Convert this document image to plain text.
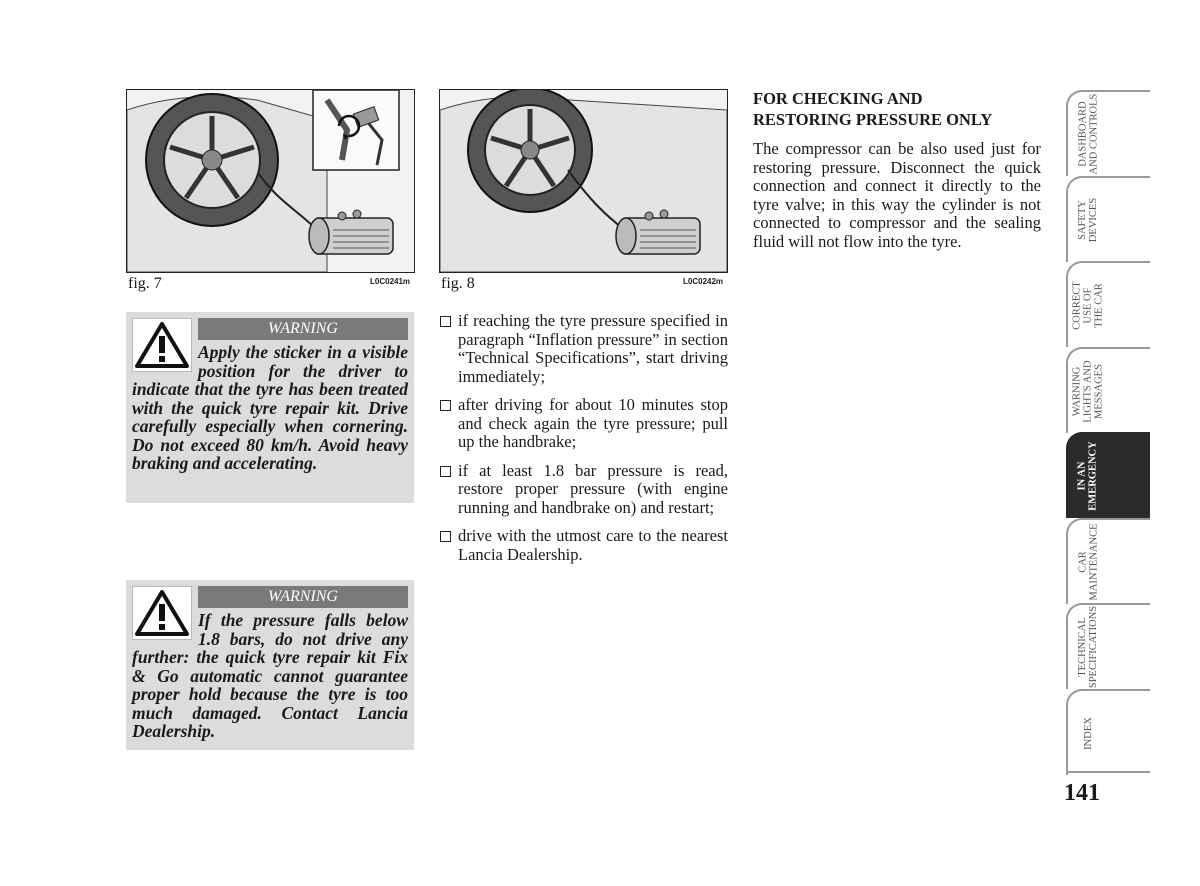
fig. 7	L0C0241m fig. 8	L0C0242m
WARNING
Apply the sticker in a visible position for the driver to indicate that the tyre has been treated with the quick tyre repair kit. Drive carefully especially when cornering. Do not exceed 80 km/h. Avoid heavy braking and accelerating.
WARNING
If the pressure falls below 1.8 bars, do not drive any further: the quick tyre repair kit Fix & Go automatic cannot guarantee proper hold because the tyre is too much damaged. Contact Lancia Dealership.
if reaching the tyre pressure specified in paragraph “Inflation pressure” in section “Technical Specifications”, start driving immediately;
after driving for about 10 minutes stop and check again the tyre pressure; pull up the handbrake;
if at least 1.8 bar pressure is read, restore proper pressure (with engine running and handbrake on) and restart;
drive with the utmost care to the nearest Lancia Dealership.
FOR CHECKING AND
RESTORING PRESSURE ONLY
The compressor can be also used just for restoring pressure. Disconnect the quick connection and connect it directly to the tyre valve; in this way the cylinder is not connected to compressor and the sealing fluid will not flow into the tyre.
DASHBOARD
AND CONTROLS
SAFETY
DEVICES
CORRECT
USE OF
THE CAR
WARNING
LIGHTS AND
MESSAGES
IN AN
EMERGENCY
CAR
MAINTENANCE
TECHNICAL
SPECIFICATIONS
INDEX
141
